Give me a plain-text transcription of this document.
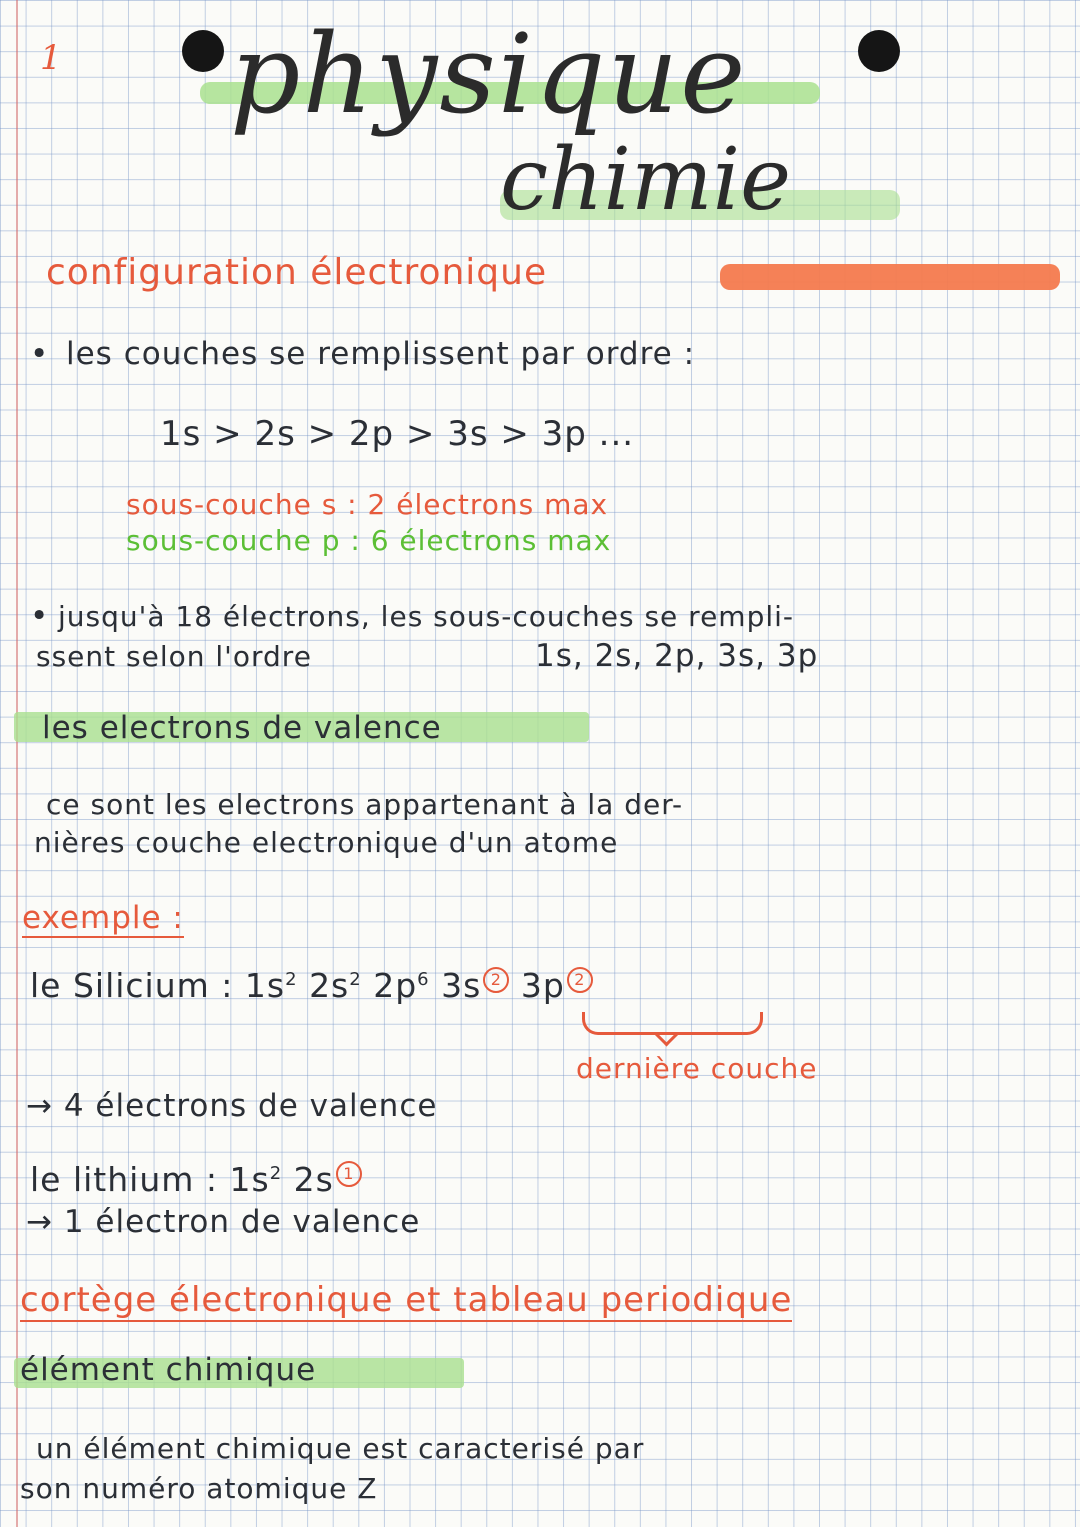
1 physique
chimie
configuration électronique
• les couches se remplissent par ordre :
1s > 2s > 2p > 3s > 3p ...
sous-couche s : 2 électrons max
sous-couche p : 6 électrons max
• jusqu'à 18 électrons, les sous-couches se rempli-
ssent selon l'ordre	1s, 2s, 2p, 3s, 3p
les electrons de valence
ce sont les electrons appartenant à la der-
nières couche electronique d'un atome
exemple :
le Silicium : $1s^2$ $2s^2$ $2p^6$ 3s 2 3p 2
dernière couche
→ 4 électrons de valence
le lithium : $1s^2$ 2s 1
→ 1 électron de valence
cortège électronique et tableau periodique
élément chimique
un élément chimique est caracterisé par
son numéro atomique Z
